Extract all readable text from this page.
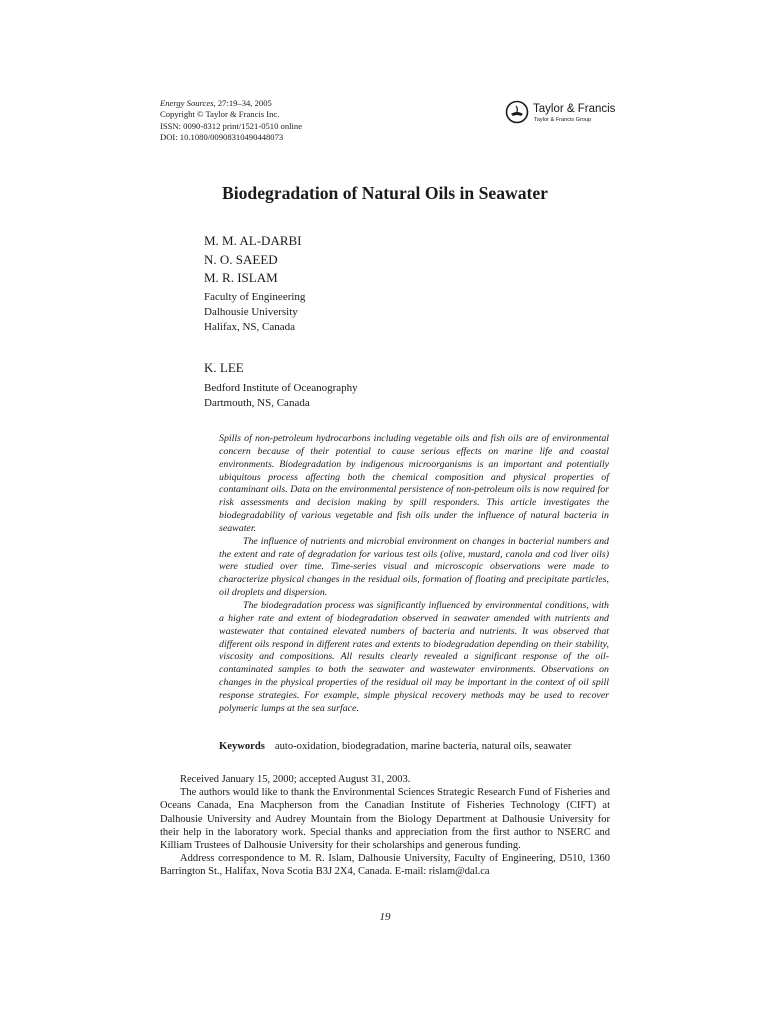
Energy Sources, 27:19–34, 2005
Copyright © Taylor & Francis Inc.
ISSN: 0090-8312 print/1521-0510 online
DOI: 10.1080/00908310490448073
Taylor & Francis
Taylor & Francis Group
Biodegradation of Natural Oils in Seawater
M. M. AL-DARBI
N. O. SAEED
M. R. ISLAM
Faculty of Engineering
Dalhousie University
Halifax, NS, Canada
K. LEE
Bedford Institute of Oceanography
Dartmouth, NS, Canada

Spills of non-petroleum hydrocarbons including vegetable oils and fish oils are of environmental concern because of their potential to cause serious effects on marine life and coastal environments. Biodegradation by indigenous microorganisms is an important and potentially ubiquitous process affecting both the chemical composition and physical properties of contaminant oils. Data on the environmental persistence of non-petroleum oils is now required for risk assessments and decision making by spill responders. This article investigates the biodegradability of various vegetable and fish oils under the influence of natural bacteria in seawater.

The influence of nutrients and microbial environment on changes in bacterial numbers and the extent and rate of degradation for various test oils (olive, mustard, canola and cod liver oils) were studied over time. Time-series visual and microscopic observations were made to characterize physical changes in the residual oils, formation of floating and precipitate particles, oil droplets and dispersion.

The biodegradation process was significantly influenced by environmental conditions, with a higher rate and extent of biodegradation observed in seawater amended with nutrients and wastewater that contained elevated numbers of bacteria and nutrients. It was observed that different oils respond in different rates and extents to biodegradation depending on their stability, viscosity and compositions. All results clearly revealed a significant response of the oil-contaminated samples to both the seawater and wastewater environments. Observations on changes in the physical properties of the residual oil may be important in the context of oil spill response strategies. For example, simple physical recovery methods may be used to recover polymeric lumps at the sea surface.

Keywords auto-oxidation, biodegradation, marine bacteria, natural oils, seawater

Received January 15, 2000; accepted August 31, 2003.

The authors would like to thank the Environmental Sciences Strategic Research Fund of Fisheries and Oceans Canada, Ena Macpherson from the Canadian Institute of Fisheries Technology (CIFT) at Dalhousie University and Audrey Mountain from the Biology Department at Dalhousie University for their help in the laboratory work. Special thanks and appreciation from the first author to NSERC and Killiam Trustees of Dalhousie University for their scholarships and generous funding.

Address correspondence to M. R. Islam, Dalhousie University, Faculty of Engineering, D510, 1360 Barrington St., Halifax, Nova Scotia B3J 2X4, Canada. E-mail: rislam@dal.ca

19
